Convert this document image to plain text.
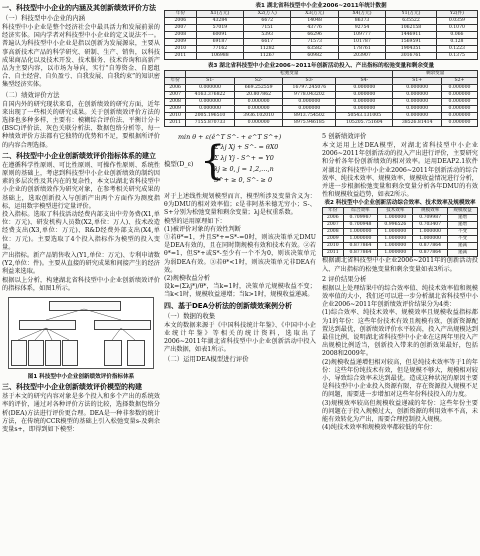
一、科技型中小企业的内涵及其创新绩效评价方法
（一）科技型中小企业的内涵

科技型中小企业是整个经济社会中最具活力和发展前景的经济实体。国内学者对科技型中小企业的定义说法不一。普遍认为科技型中小企业是指以创新为发展源泉，主要从事高新技术产品的科学研究、研制、生产、销售，以科技成果商品化以及技术开发、技术服务、技术咨询和高新产品为主要内容，以市场为导向，实行“自筹资金、自愿组合、自主经营、自负盈亏、自我发展、自我约束”的知识密集型经济实体。

（二）绩效评价方法

自国内外的研究现状来看，在创新绩效的研究方面，近年来出现了一些相关的研究成果。关于创新绩效评价方法的选择也多种多样，主要有：模糊综合评价法、平衡计分卡(BSC)评价法、灰色关联分析法、数据包络分析等，每一种绩效评价方法都有它独特的优势和不足，要根据所评价的内容合理选择。

二、科技型中小企业创新绩效评价指标体系的建立

在遵循科学性原则、可比性原则、可操作性原则、系统性原则的基础上，考虑到科技型中小企业创新绩效的制约因素的多层次性及其内在的复杂性，本文以湖北省科技型中小企业的创新绩效作为研究对象，在参考相关研究成果的基础上，选取创新投入与创新产出两个方面作为测度指标，运用数字模型进行定量评价。

投入指标。选取了科技活动经费内部支出中劳务费(X1,单位：万元)、研发机构人员数(X2,单位：万人)、技术改造经费支出(X3,单位：万元)、R&D经费外部支出(X4,单位：万元)。主要选取了4个投入指标作为模型的投入变量。

产出指标。新产品销售收入(Y1,单位：万元)、专利申请数(Y2,单位：件)。主要从直接的研究成果和间接产生的经济利益来选取。

根据以上分析，构建湖北省科技型中小企业创新绩效评价的指标体系，如图1所示。

图1 科技型中小企业创新绩效评价指标体系
三、科技型中小企业创新绩效评价模型的构建

基于本文的研究内容对象是多个投入和多个产出的系统效率的评价，通过对各种评价方法的比较，选择数据包络分析(DEA)方法进行评价更合理。DEA是一种非参数的统计方法，在传统的CCR模型的基础上引入松弛变量s-及剩余变量s+，即得到如下模型：

表1 湖北省科技型中小企业2006~2011年统计数据
年份	X1(万元)	X2(万人)	X3(万元)	X4(万元)	Y1(万元)	Y2(件)
2006	43284	6672	14048	86373	635522	0.0359
2007	57019	7151	43776	92754	1062158	0.1070
2008	60091	5393	66296	109777	1446911	0.066
2009	69187	6617	71573	101787	1569591	0.128
2010	77162	11282	63582	178761	1904351	0.1223
2011	106988	11267	60982	203907	3016761	0.1375
表3 湖北省科技型中小企业2006~2011年创新活动投入、产出指标的松弛变量和剩余变量
	松弛变量				剩余变量	
年份	S1-	S2-	S3-	S4-	S1+	S2+
2006	0.000000	669.252559	16797.245076	0.000000	0.000000	0.000000
2007	4163.376822	20.807862	9778.043202	0.000000	0.000000	0.000000
2008	0.000000	0.000000	0.000000	0.000000	0.000000	0.000000
2009	0.000000	0.000000	0.000000	0.000000	0.000000	0.000000
2010	2005.196510	3936.102010	8913.754502	50543.131005	0.000000	0.000000
2011	7155.870733	0.000000	8975.946185	105205.751604	38526.81414	0.000000
min θ + ε(ê^T S^- + e^T S^+)
模型(D_ε) {
Σ λj Xj + S^- = θX0
Σ λj Yj - S^+ = Y0
λj ≥ 0, j = 1,2,…,n
S^+ ≥ 0, S^- ≥ 0

对于上述线性规划模型而言，模型所涉及变量含义为：θ为DMU的相对效率值；ε是非阿基米德无穷小；S-、S+分别为松弛变量和剩余变量；λj是权重系数。

模型的运用原理如下：

(1)被评价对象的有效性判断

①若θ*=1，并且S*+=S*-=0时，则该决策单元DMU是DEA有效的，且在同时期规模有效和技术有效。②若θ*=1，但S*+或S*-至少有一个不为0，则该决策单元为弱DEA有效。③若θ*<1时，则该决策单元非DEA有效。

(2)规模收益分析

设k=(Σλj*)/θ*，当k=1时，决策单元规模收益不变；当k<1时，规模收益递增；当k>1时，规模收益递减。

四、基于DEA分析法的创新绩效案例分析
（一）数据的收集

本文的数据来源于《中国科技统计年鉴》、《中国中小企业统计年鉴》等相关的统计资料，选取出了2006~2011年湖北省科技型中小企业创新活动中投入产出数据，如表1所示。

（二）运用DEA模型进行评价
5 创新绩效评价

本文运用上述DEA模型，对湖北省科技型中小企业2006~2011年创新活动的投入产出进行评价，主要研究和分析各年份创新绩效的相对效率。运用DEAP2.1软件对湖北省科技型中小企业2006~2011年创新活动的综合效率、纯技术效率、规模效率、规模收益情况进行分析，并进一步根据松弛变量和剩余变量分析各年DMU的有效性和规模收益趋势，如表2所示。

表2 科技型中小企业创新活动综合效率、技术效率及规模效率
年份	综合效率	技术效率	规模效率	规模收益
2006	0.709987	1.000000	0.709987	递增
2007	0.700948	0.996526	0.703407	递增
2008	1.000000	1.000000	1.000000	不变
2009	1.000000	1.000000	1.000000	不变
2010	0.877864	1.000000	0.877864	递减
2011	0.877864	1.000000	0.877864	递减

根据湖北省科技型中小企业2006~2011年的创新活动投入、产出指标的松弛变量和剩余变量如表3所示。

2 评价结果分析

根据以上处理结果中的综合效率值、纯技术效率值和规模效率值的大小，我们还可以进一步分析湖北省科技型中小企业2006~2011年创新绩效评价结果分为4类：

(1)综合效率、纯技术效率、规模效率且规模收益指标都为1的年份：这些年份技术有效且规模有效，创新资源配置达到最优，创新绩效评价水平较高，投入产出规模达到最佳比例，说明湖北省科技型中小企业在这两年里投入产出规模比例适当，创新投入带来的创新效果最好，包括2008和2009年。

(2)规模收益递增但相对较高，但是纯技术效率等于1的年份：这些年份纯技术有效，但是规模不够大，规模相对较小，导致综合效率未达到最优。造成这种状况的原因主要是科技型中小企业投入资源有限，存在资源投入规模不足的问题，需要进一步增加对这些年份科技投入的力度。

(3)规模效率较高但规模收益递减的年份：这些年份主要的问题在于投入规模过大，创新资源的利用效率不高，未能有效转化为产出，需要合理控制投入规模。

(4)纯技术效率和规模效率都较低的年份：
